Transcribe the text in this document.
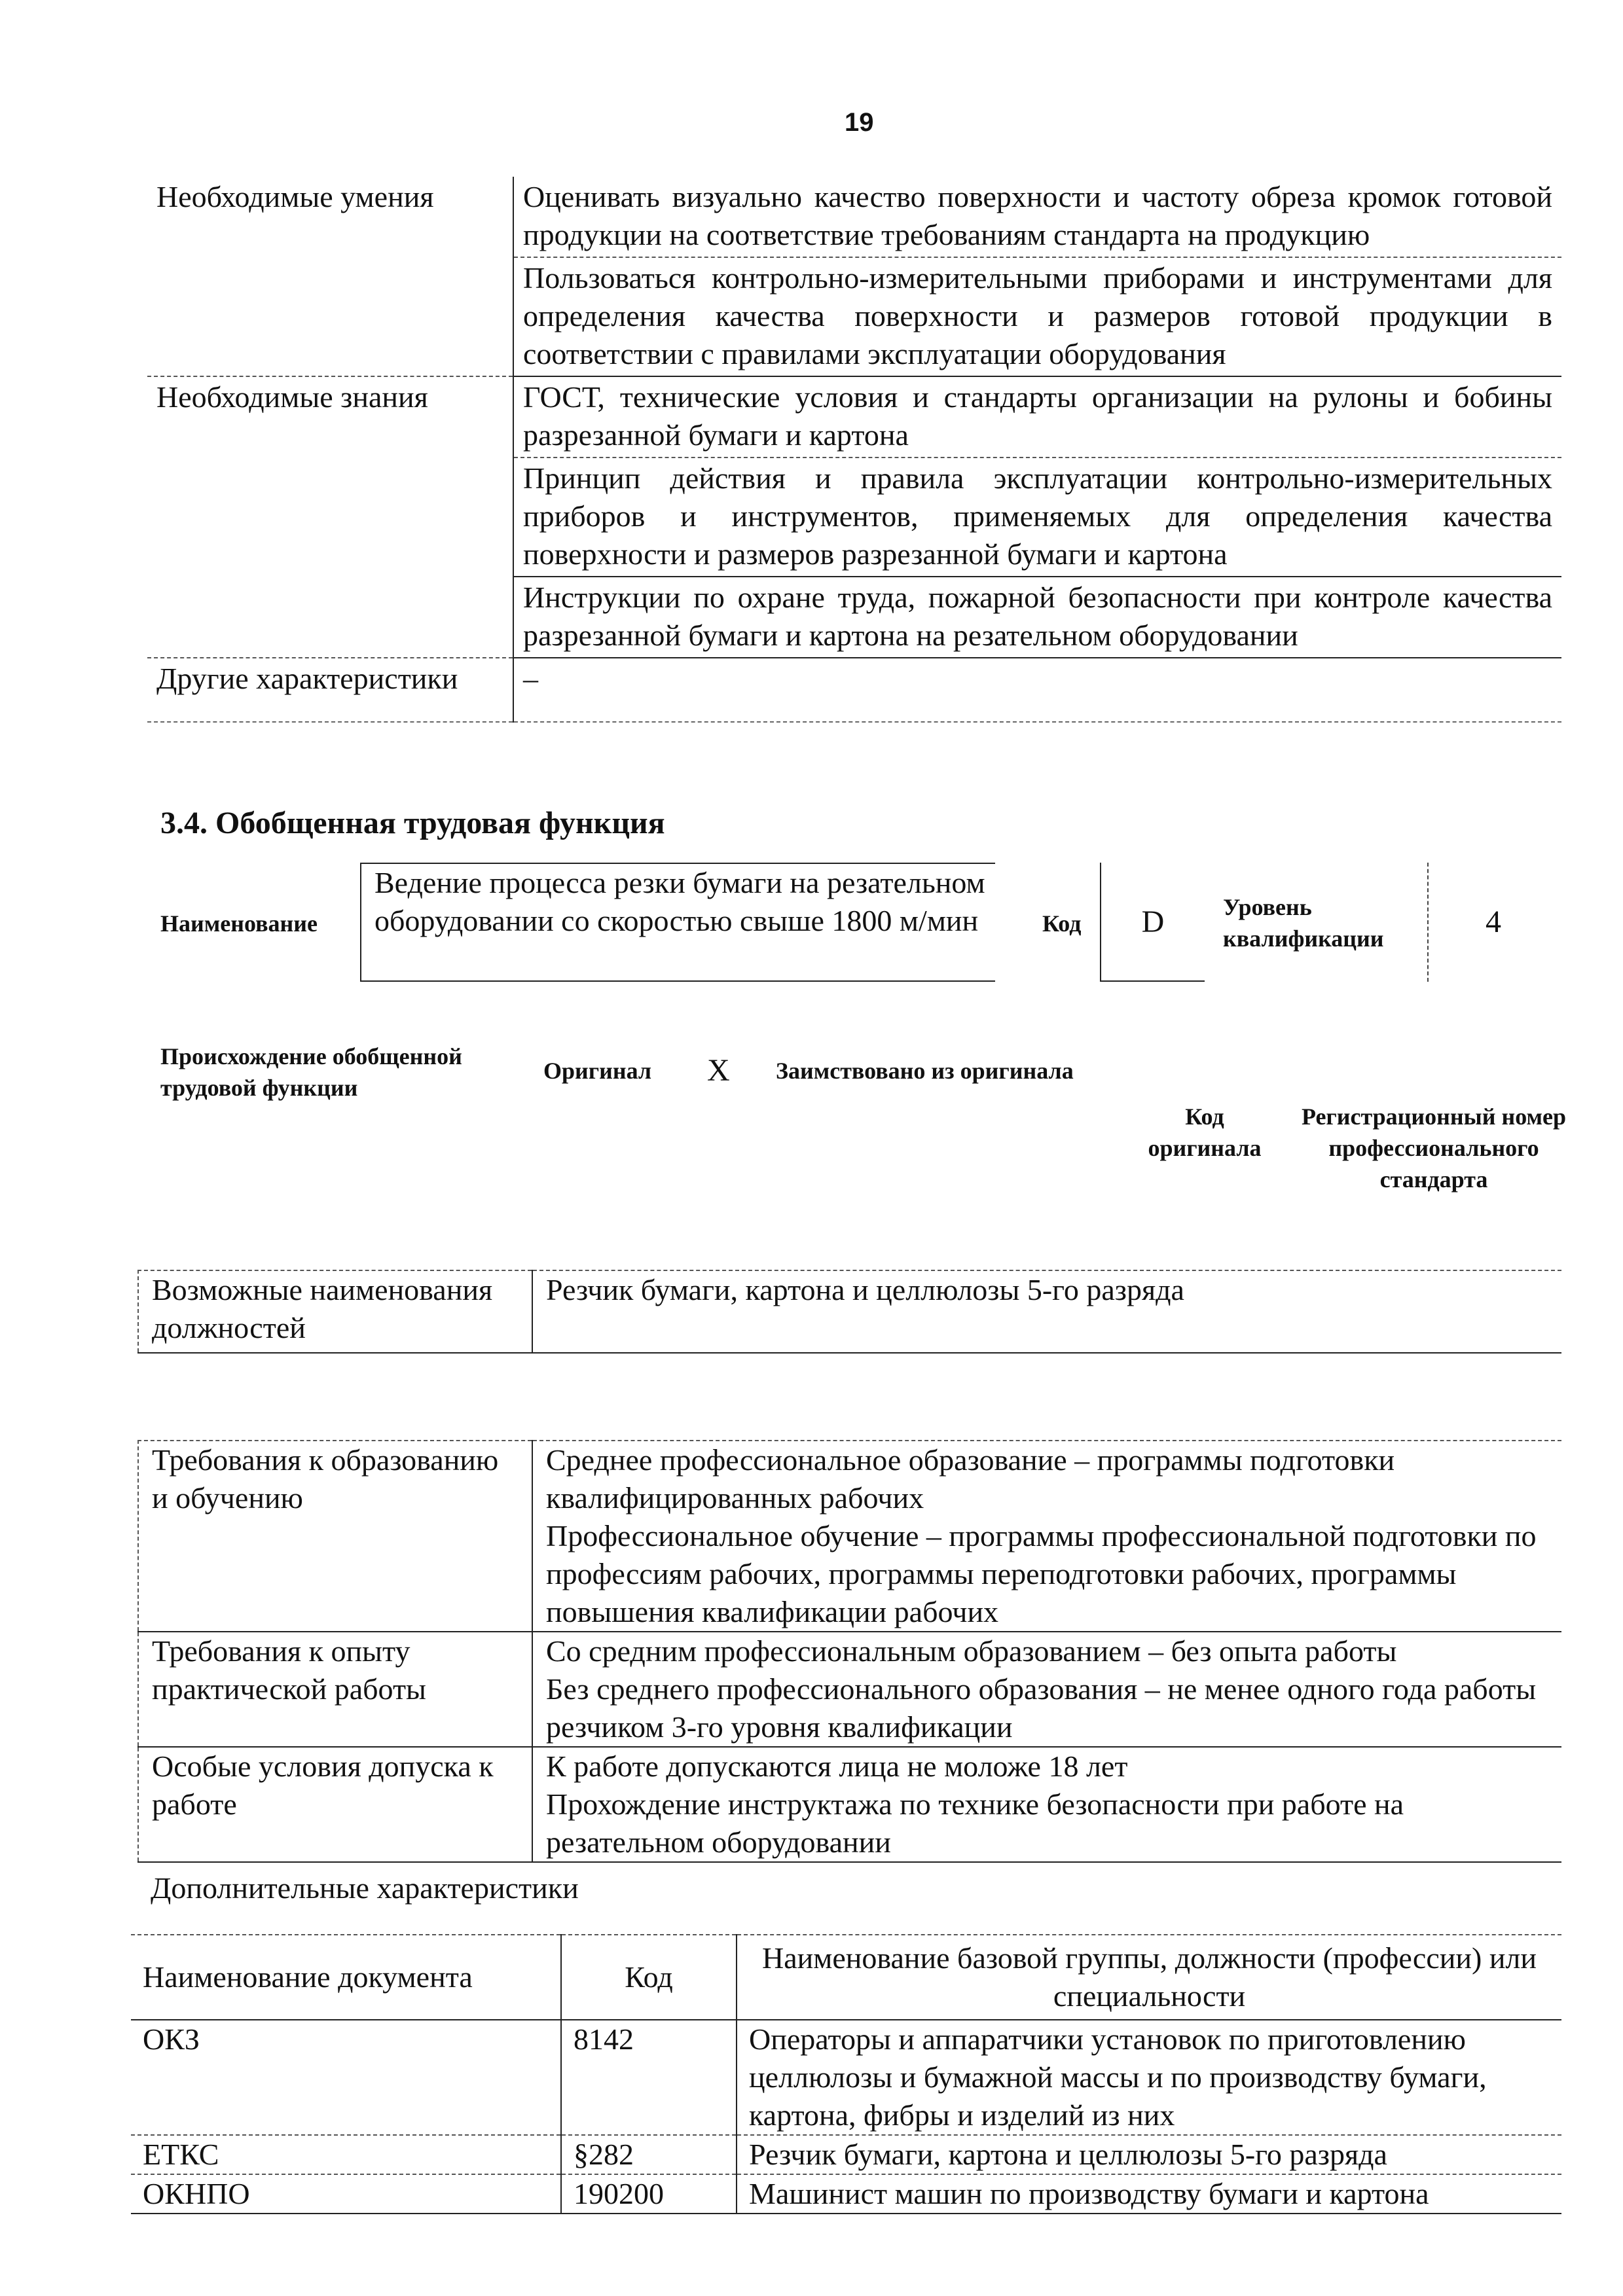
19
Необходимые умения	Оценивать визуально качество поверхности и частоту обреза кромок готовой продукции на соответствие требованиям стандарта на продукцию
	Пользоваться контрольно-измерительными приборами и инструментами для определения качества поверхности и размеров готовой продукции в соответствии с правилами эксплуатации оборудования
Необходимые знания	ГОСТ, технические условия и стандарты организации на рулоны и бобины разрезанной бумаги и картона
	Принцип действия и правила эксплуатации контрольно-измерительных приборов и инструментов, применяемых для определения качества поверхности и размеров разрезанной бумаги и картона
	Инструкции по охране труда, пожарной безопасности при контроле качества разрезанной бумаги и картона на резательном оборудовании
Другие характеристики	–
3.4. Обобщенная трудовая функция
Наименование
Ведение процесса резки бумаги на резательном оборудовании со скоростью свыше 1800 м/мин	Код	D	Уровень квалификации	4
Происхождение обобщенной трудовой функции
Оригинал X Заимствовано из оригинала
Код оригинала
Регистрационный номер профессионального стандарта
Возможные наименования должностей	Резчик бумаги, картона и целлюлозы 5-го разряда
Требования к образованию и обучению	Среднее профессиональное образование – программы подготовки квалифицированных рабочих
Профессиональное обучение – программы профессиональной подготовки по профессиям рабочих, программы переподготовки рабочих, программы повышения квалификации рабочих

Требования к опыту практической работы	Со средним профессиональным образованием – без опыта работы
Без среднего профессионального образования – не менее одного года работы резчиком 3-го уровня квалификации

Особые условия допуска к работе	К работе допускаются лица не моложе 18 лет
Прохождение инструктажа по технике безопасности при работе на резательном оборудовании
Дополнительные характеристики
Наименование документа	Код	Наименование базовой группы, должности (профессии) или специальности
ОКЗ	8142	Операторы и аппаратчики установок по приготовлению целлюлозы и бумажной массы и по производству бумаги, картона, фибры и изделий из них
ЕТКС	§282	Резчик бумаги, картона и целлюлозы 5-го разряда
ОКНПО	190200	Машинист машин по производству бумаги и картона
